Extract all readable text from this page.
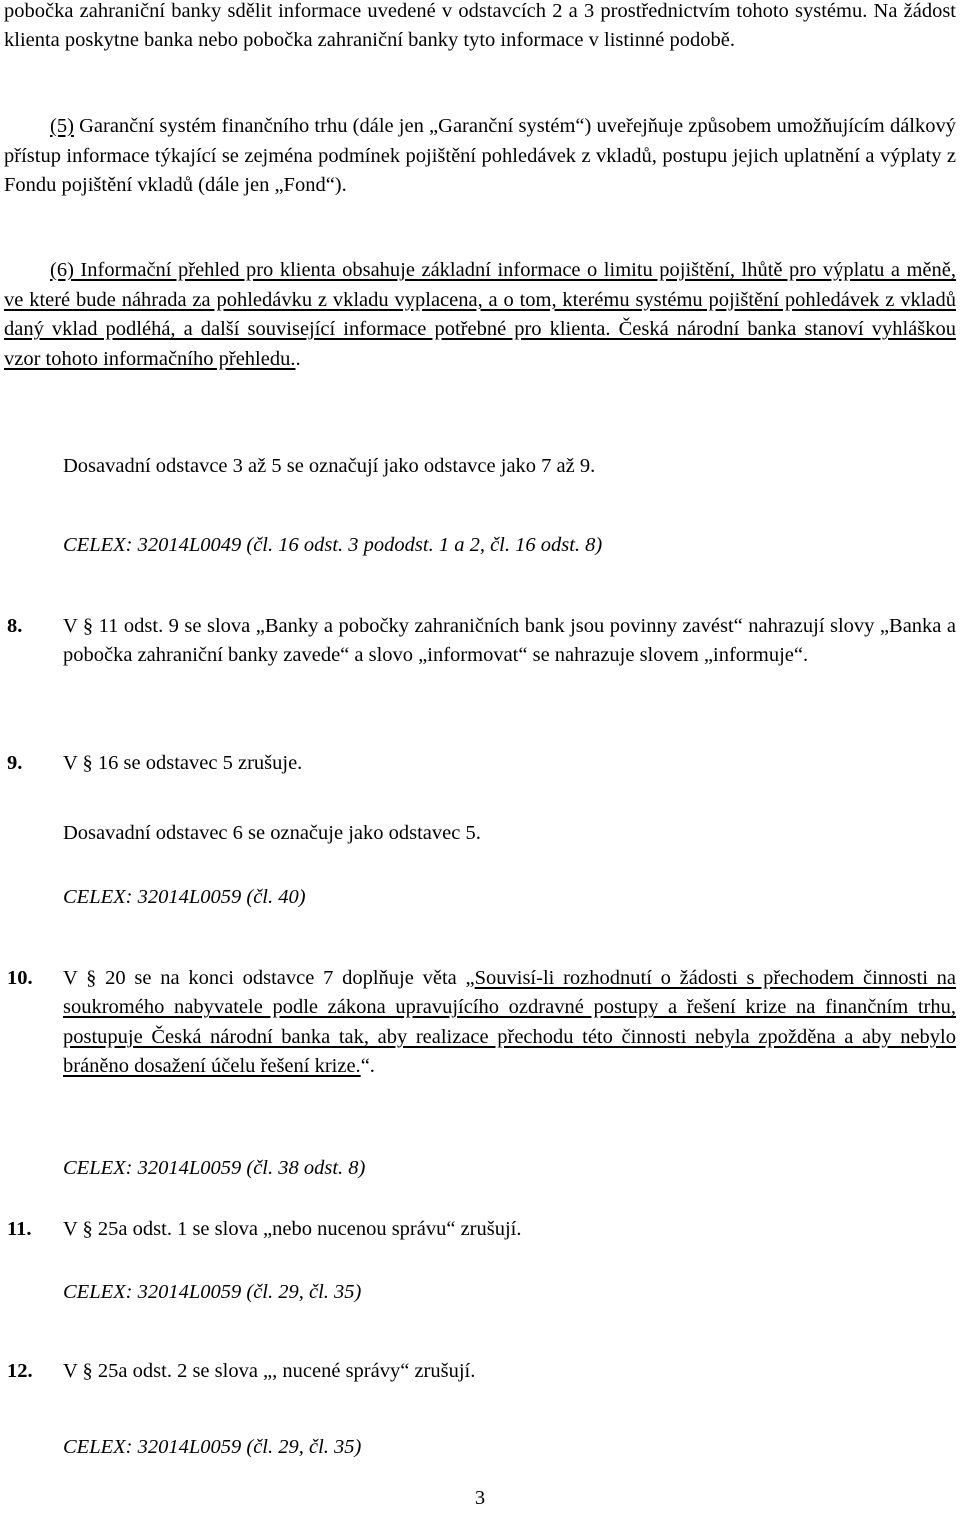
pobočka zahraniční banky sdělit informace uvedené v odstavcích 2 a 3 prostřednictvím tohoto systému. Na žádost klienta poskytne banka nebo pobočka zahraniční banky tyto informace v listinné podobě.
(5) Garanční systém finančního trhu (dále jen „Garanční systém“) uveřejňuje způsobem umožňujícím dálkový přístup informace týkající se zejména podmínek pojištění pohledávek z vkladů, postupu jejich uplatnění a výplaty z Fondu pojištění vkladů (dále jen „Fond“).
(6) Informační přehled pro klienta obsahuje základní informace o limitu pojištění, lhůtě pro výplatu a měně, ve které bude náhrada za pohledávku z vkladu vyplacena, a o tom, kterému systému pojištění pohledávek z vkladů daný vklad podléhá, a další související informace potřebné pro klienta. Česká národní banka stanoví vyhláškou vzor tohoto informačního přehledu..
Dosavadní odstavce 3 až 5 se označují jako odstavce jako 7 až 9.
CELEX: 32014L0049 (čl. 16 odst. 3 pododst. 1 a 2, čl. 16 odst. 8)
8. V § 11 odst. 9 se slova „Banky a pobočky zahraničních bank jsou povinny zavést“ nahrazují slovy „Banka a pobočka zahraniční banky zavede“ a slovo „informovat“ se nahrazuje slovem „informuje“.
9. V § 16 se odstavec 5 zrušuje.
Dosavadní odstavec 6 se označuje jako odstavec 5.
CELEX: 32014L0059 (čl. 40)
10. V § 20 se na konci odstavce 7 doplňuje věta „Souvisí-li rozhodnutí o žádosti s přechodem činnosti na soukromého nabyvatele podle zákona upravujícího ozdravné postupy a řešení krize na finančním trhu, postupuje Česká národní banka tak, aby realizace přechodu této činnosti nebyla zpožděna a aby nebylo bráněno dosažení účelu řešení krize.“.
CELEX: 32014L0059 (čl. 38 odst. 8)
11. V § 25a odst. 1 se slova „nebo nucenou správu“ zrušují.
CELEX: 32014L0059 (čl. 29, čl. 35)
12. V § 25a odst. 2 se slova „, nucené správy“ zrušují.
CELEX: 32014L0059 (čl. 29, čl. 35)
3
